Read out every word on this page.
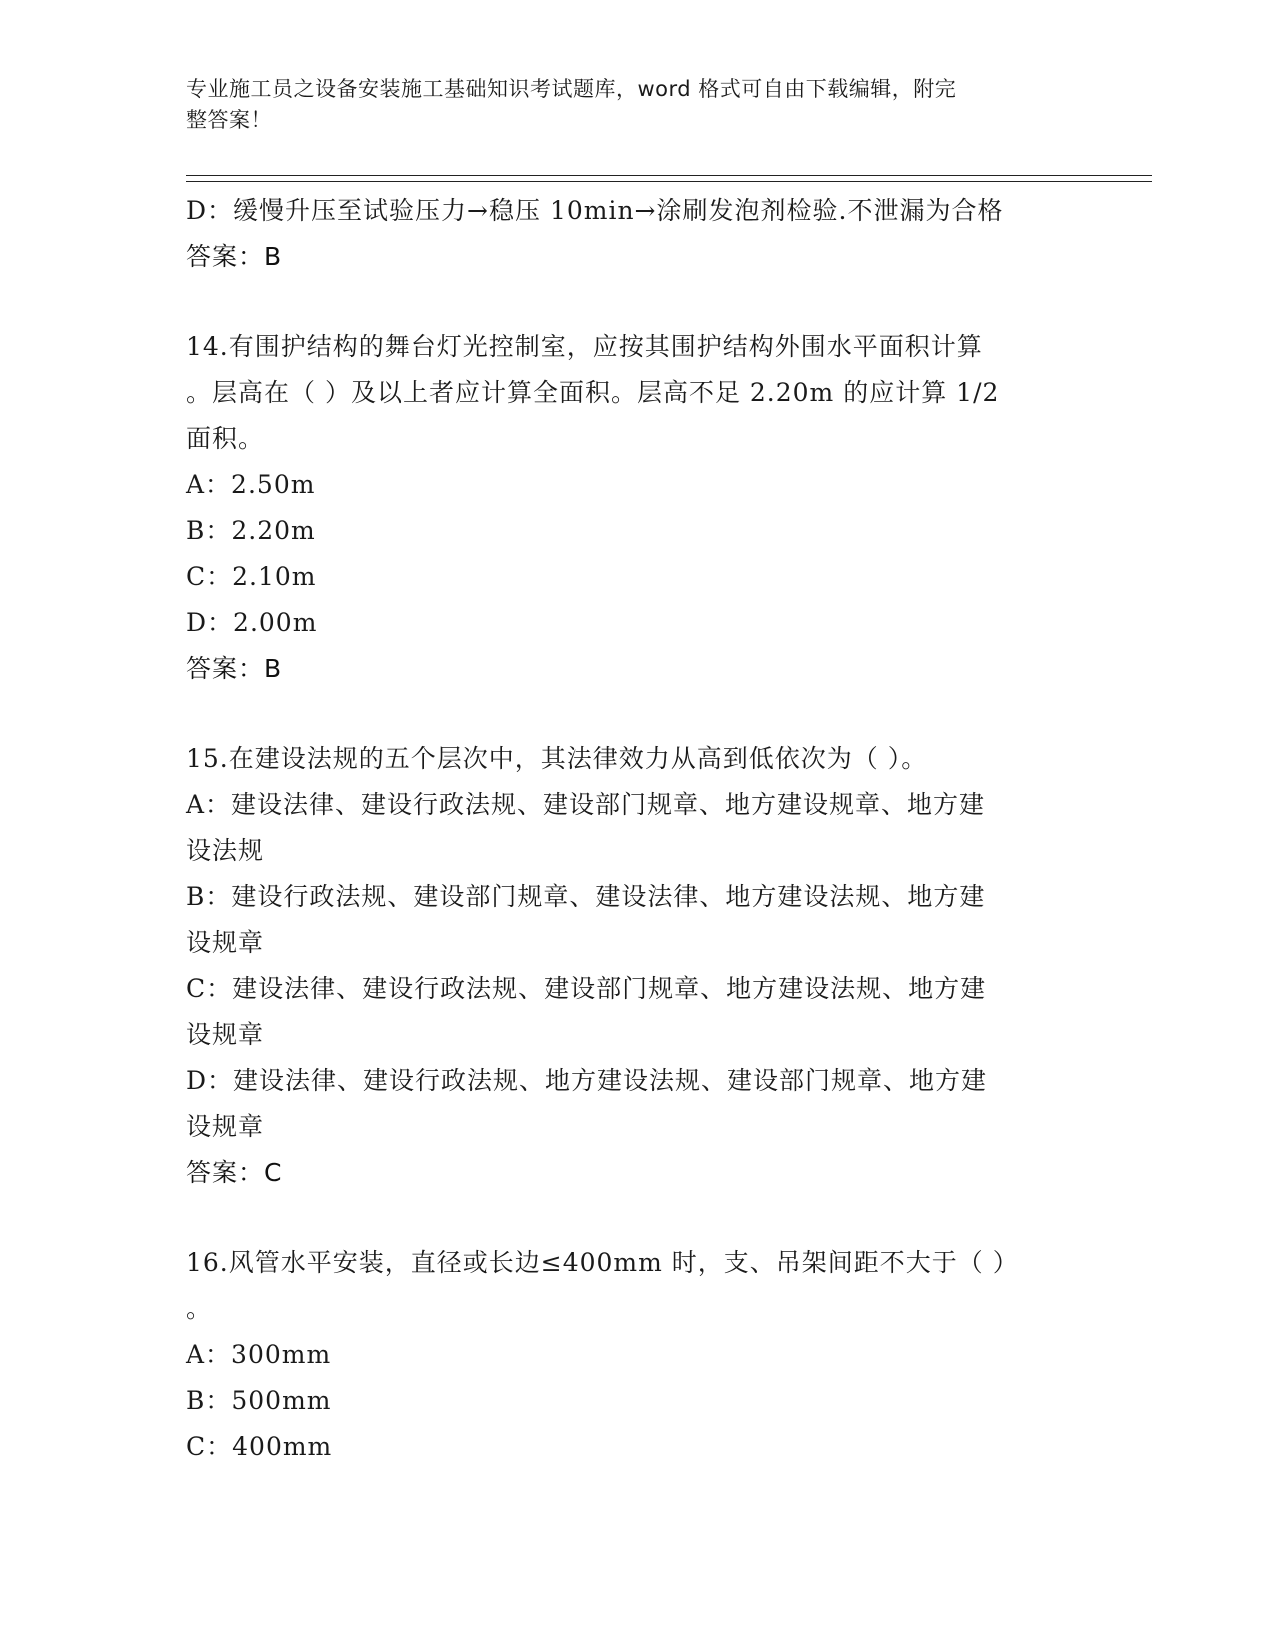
专业施工员之设备安装施工基础知识考试题库，word 格式可自由下载编辑，附完
整答案！
D：缓慢升压至试验压力→稳压 10min→涂刷发泡剂检验.不泄漏为合格
答案：B
14.有围护结构的舞台灯光控制室，应按其围护结构外围水平面积计算
。层高在（ ）及以上者应计算全面积。层高不足 2.20m 的应计算 1/2
面积。
A：2.50m
B：2.20m
C：2.10m
D：2.00m
答案：B
15.在建设法规的五个层次中，其法律效力从高到低依次为（ ）。
A：建设法律、建设行政法规、建设部门规章、地方建设规章、地方建
设法规
B：建设行政法规、建设部门规章、建设法律、地方建设法规、地方建
设规章
C：建设法律、建设行政法规、建设部门规章、地方建设法规、地方建
设规章
D：建设法律、建设行政法规、地方建设法规、建设部门规章、地方建
设规章
答案：C
16.风管水平安装，直径或长边≤400mm 时，支、吊架间距不大于（ ）
。
A：300mm
B：500mm
C：400mm
